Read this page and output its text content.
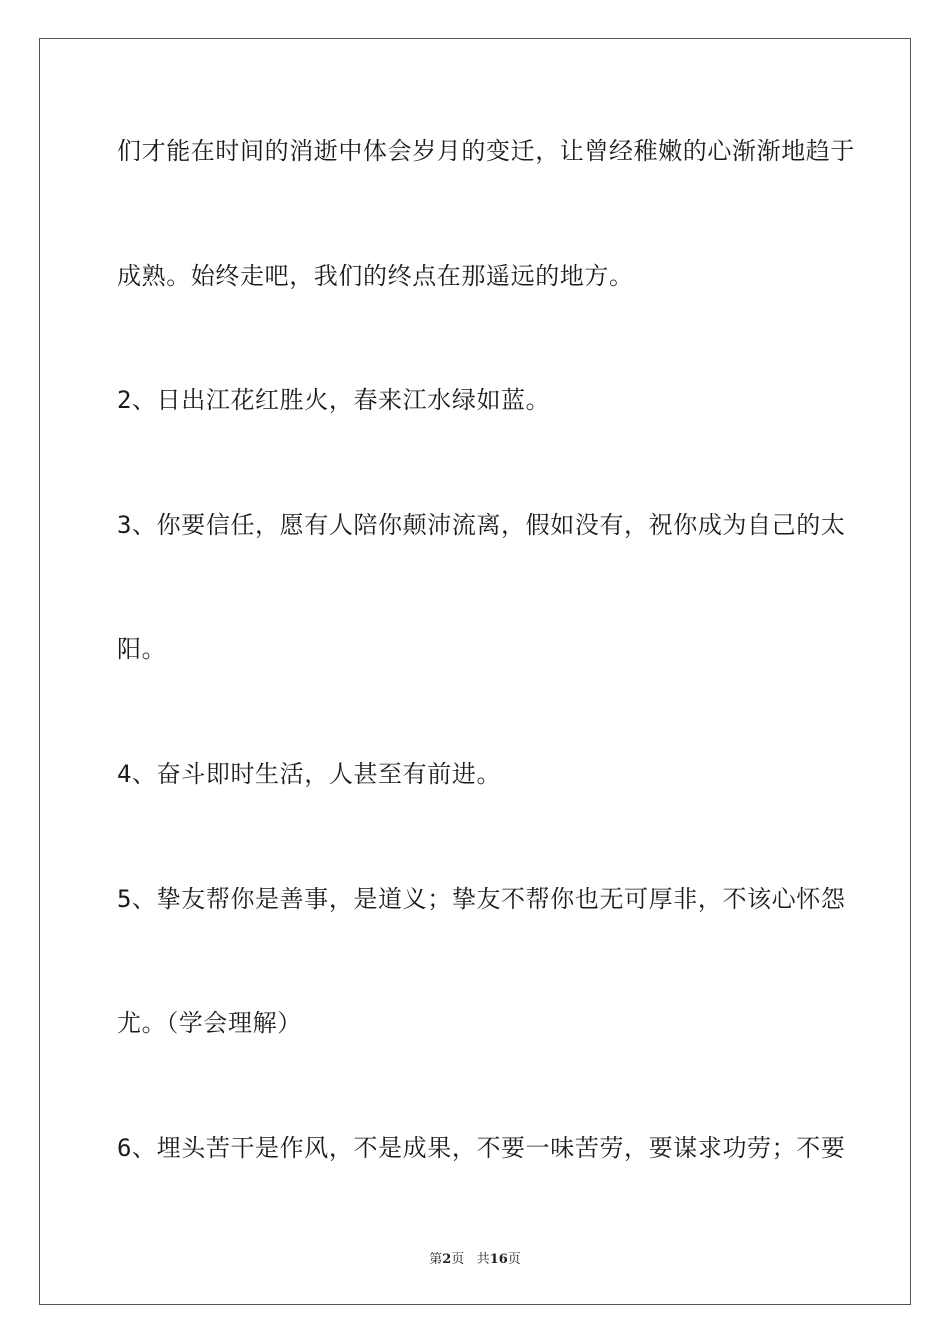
们才能在时间的消逝中体会岁月的变迁，让曾经稚嫩的心渐渐地趋于
成熟。始终走吧，我们的终点在那遥远的地方。
2、日出江花红胜火，春来江水绿如蓝。
3、你要信任，愿有人陪你颠沛流离，假如没有，祝你成为自己的太
阳。
4、奋斗即时生活，人甚至有前进。
5、挚友帮你是善事，是道义；挚友不帮你也无可厚非，不该心怀怨
尤。（学会理解）
6、埋头苦干是作风，不是成果，不要一味苦劳，要谋求功劳；不要
第2页 共16页
